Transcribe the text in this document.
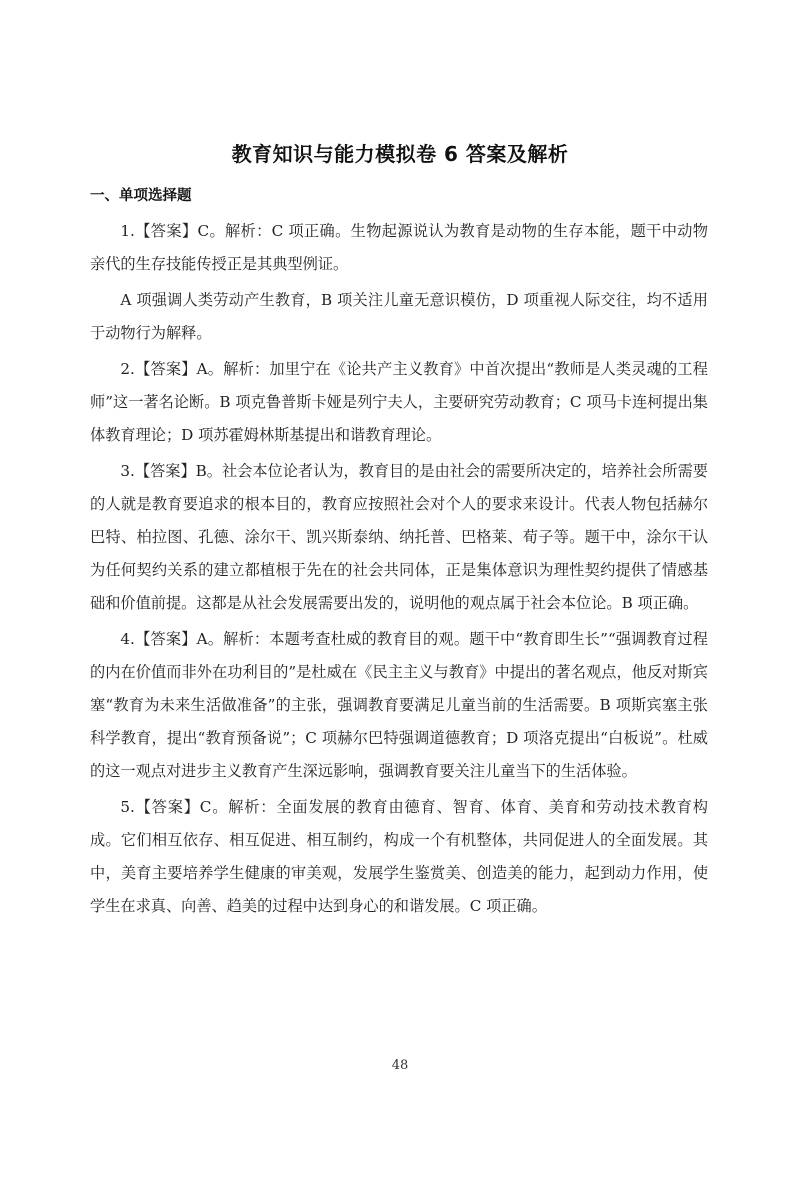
教育知识与能力模拟卷 6 答案及解析
一、单项选择题

1.【答案】C。解析：C 项正确。生物起源说认为教育是动物的生存本能，题干中动物亲代的生存技能传授正是其典型例证。

A 项强调人类劳动产生教育，B 项关注儿童无意识模仿，D 项重视人际交往，均不适用于动物行为解释。

2.【答案】A。解析：加里宁在《论共产主义教育》中首次提出“教师是人类灵魂的工程师”这一著名论断。B 项克鲁普斯卡娅是列宁夫人，主要研究劳动教育；C 项马卡连柯提出集体教育理论；D 项苏霍姆林斯基提出和谐教育理论。

3.【答案】B。社会本位论者认为，教育目的是由社会的需要所决定的，培养社会所需要的人就是教育要追求的根本目的，教育应按照社会对个人的要求来设计。代表人物包括赫尔巴特、柏拉图、孔德、涂尔干、凯兴斯泰纳、纳托普、巴格莱、荀子等。题干中，涂尔干认为任何契约关系的建立都植根于先在的社会共同体，正是集体意识为理性契约提供了情感基础和价值前提。这都是从社会发展需要出发的，说明他的观点属于社会本位论。B 项正确。

4.【答案】A。解析：本题考查杜威的教育目的观。题干中“教育即生长”“强调教育过程的内在价值而非外在功利目的”是杜威在《民主主义与教育》中提出的著名观点，他反对斯宾塞“教育为未来生活做准备”的主张，强调教育要满足儿童当前的生活需要。B 项斯宾塞主张科学教育，提出“教育预备说”；C 项赫尔巴特强调道德教育；D 项洛克提出“白板说”。杜威的这一观点对进步主义教育产生深远影响，强调教育要关注儿童当下的生活体验。

5.【答案】C。解析：全面发展的教育由德育、智育、体育、美育和劳动技术教育构成。它们相互依存、相互促进、相互制约，构成一个有机整体，共同促进人的全面发展。其中，美育主要培养学生健康的审美观，发展学生鉴赏美、创造美的能力，起到动力作用，使学生在求真、向善、趋美的过程中达到身心的和谐发展。C 项正确。

48
